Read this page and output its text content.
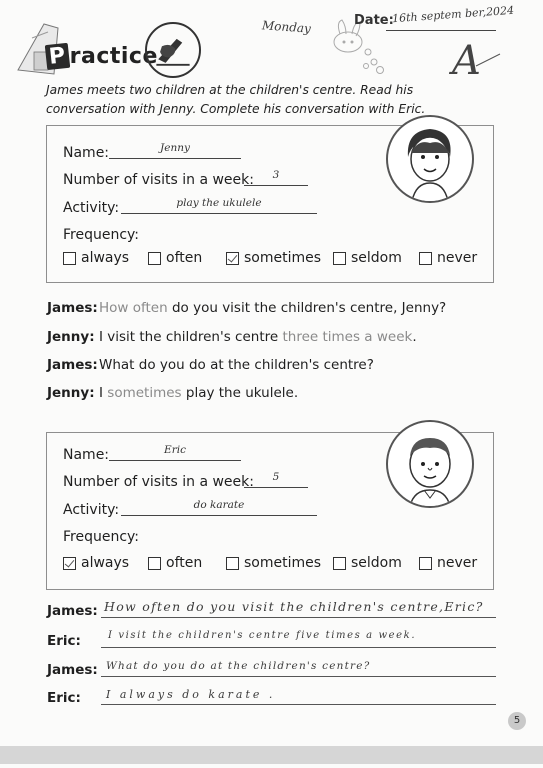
P ractice
Monday	Date:
16th septem ber,2024
A
James meets two children at the children's centre. Read his conversation with Jenny. Complete his conversation with Eric.
Name:	Jenny
Number of visits in a week:	3
Activity:	play the ukulele
Frequency:
always	often	sometimes seldom	never
James:How often do you visit the children's centre, Jenny?
Jenny: I visit the children's centre three times a week.
James:What do you do at the children's centre?
Jenny: I sometimes play the ukulele.
Name:	Eric
Number of visits in a week:	5
Activity:	do karate
Frequency:
always	often	sometimes seldom	never
James: How often do you visit the children's centre,Eric?
Eric:	I visit the children's centre five times a week.
James: What do you do at the children's centre?
Eric: I always do karate .
5
